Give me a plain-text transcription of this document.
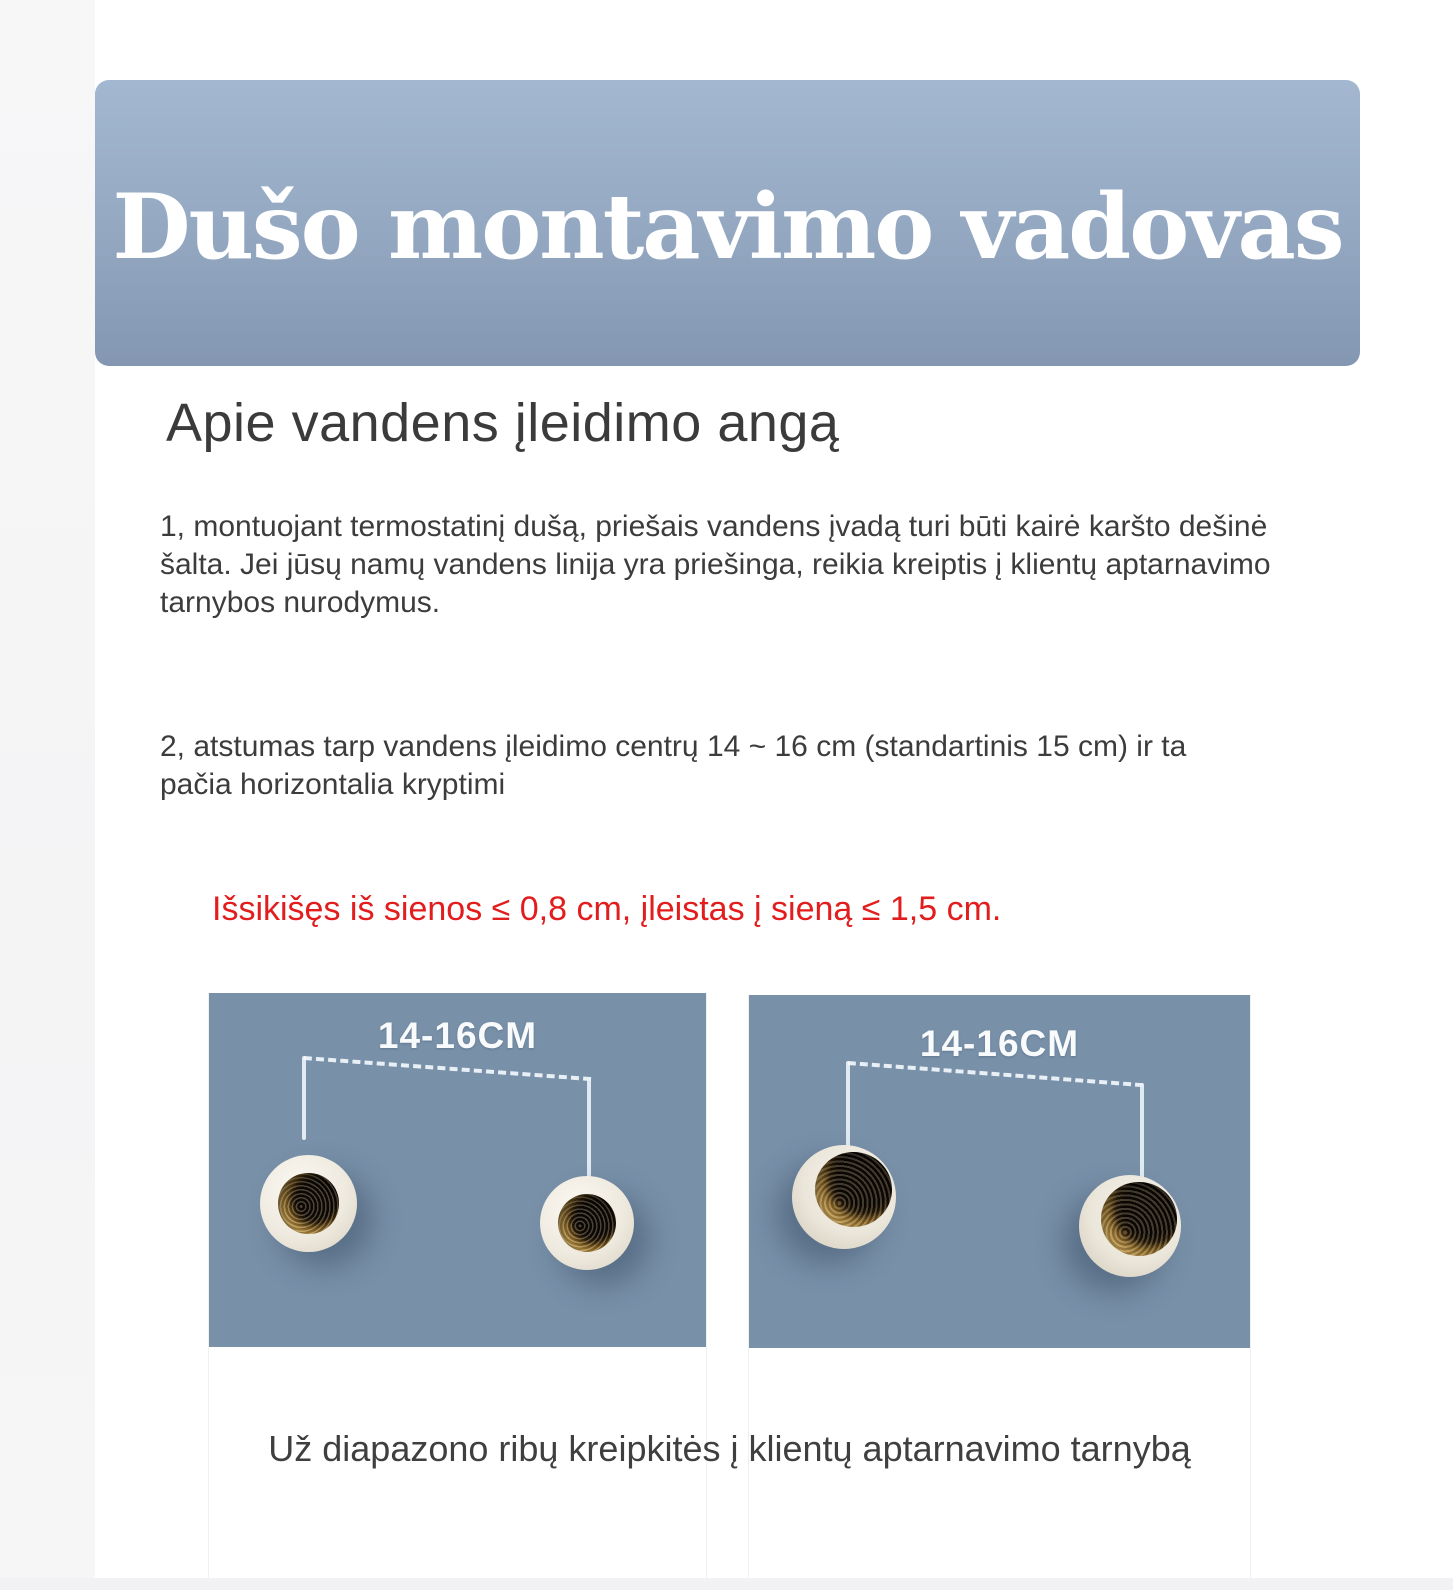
Dušo montavimo vadovas
Apie vandens įleidimo angą
1, montuojant termostatinį dušą, priešais vandens įvadą turi būti kairė karšto dešinė šalta. Jei jūsų namų vandens linija yra priešinga, reikia kreiptis į klientų aptarnavimo tarnybos nurodymus.
2, atstumas tarp vandens įleidimo centrų 14 ~ 16 cm (standartinis 15 cm) ir ta pačia horizontalia kryptimi
Išsikišęs iš sienos ≤ 0,8 cm, įleistas į sieną ≤ 1,5 cm.
14-16CM	14-16CM
Už diapazono ribų kreipkitės į klientų aptarnavimo tarnybą
